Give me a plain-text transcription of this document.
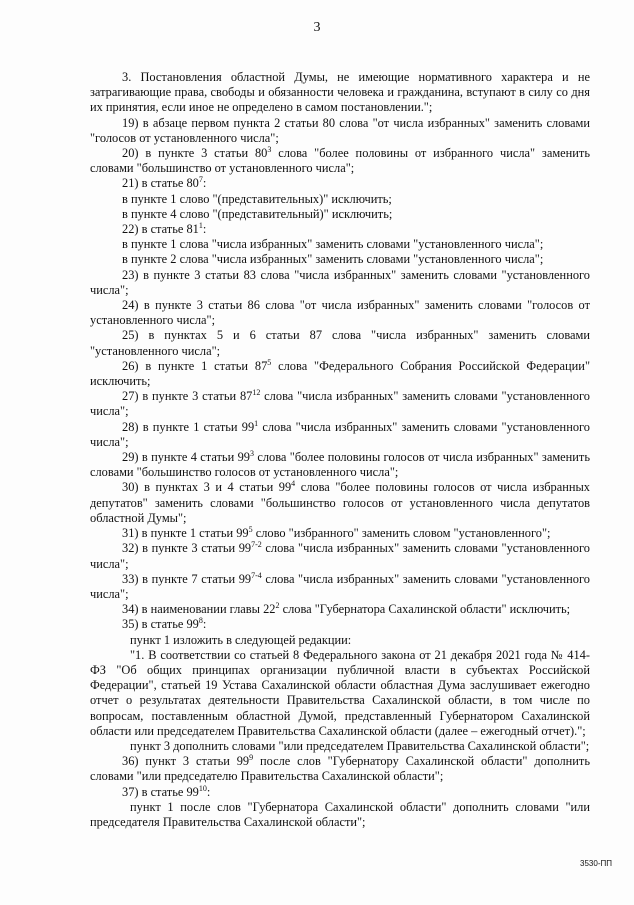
3

3. Постановления областной Думы, не имеющие нормативного характера и не затрагивающие права, свободы и обязанности человека и гражданина, вступают в силу со дня их принятия, если иное не определено в самом постановлении.";

19) в абзаце первом пункта 2 статьи 80 слова "от числа избранных" заменить словами "голосов от установленного числа";

20) в пункте 3 статьи $80^3$ слова "более половины от избранного числа" заменить словами "большинство от установленного числа";

21) в статье $80^7$:

в пункте 1 слово "(представительных)" исключить;

в пункте 4 слово "(представительный)" исключить;

22) в статье $81^1$:

в пункте 1 слова "числа избранных" заменить словами "установленного числа";

в пункте 2 слова "числа избранных" заменить словами "установленного числа";

23) в пункте 3 статьи 83 слова "числа избранных" заменить словами "установленного числа";

24) в пункте 3 статьи 86 слова "от числа избранных" заменить словами "голосов от установленного числа";

25) в пунктах 5 и 6 статьи 87 слова "числа избранных" заменить словами "установленного числа";

26) в пункте 1 статьи $87^5$ слова "Федерального Собрания Российской Федерации" исключить;

27) в пункте 3 статьи $87^{12}$ слова "числа избранных" заменить словами "установленного числа";

28) в пункте 1 статьи $99^1$ слова "числа избранных" заменить словами "установленного числа";

29) в пункте 4 статьи $99^3$ слова "более половины голосов от числа избранных" заменить словами "большинство голосов от установленного числа";

30) в пунктах 3 и 4 статьи $99^4$ слова "более половины голосов от числа избранных депутатов" заменить словами "большинство голосов от установленного числа депутатов областной Думы";

31) в пункте 1 статьи $99^5$ слово "избранного" заменить словом "установленного";

32) в пункте 3 статьи 99$^{7-2}$ слова "числа избранных" заменить словами "установленного числа";

33) в пункте 7 статьи 99$^{7-4}$ слова "числа избранных" заменить словами "установленного числа";

34) в наименовании главы $22^2$ слова "Губернатора Сахалинской области" исключить;

35) в статье $99^8$:

пункт 1 изложить в следующей редакции:

"1. В соответствии со статьей 8 Федерального закона от 21 декабря 2021 года № 414-ФЗ "Об общих принципах организации публичной власти в субъектах Российской Федерации", статьей 19 Устава Сахалинской области областная Дума заслушивает ежегодно отчет о результатах деятельности Правительства Сахалинской области, в том числе по вопросам, поставленным областной Думой, представленный Губернатором Сахалинской области или председателем Правительства Сахалинской области (далее – ежегодный отчет).";

пункт 3 дополнить словами "или председателем Правительства Сахалинской области";

36) пункт 3 статьи $99^9$ после слов "Губернатору Сахалинской области" дополнить словами "или председателю Правительства Сахалинской области";

37) в статье $99^{10}$:

пункт 1 после слов "Губернатора Сахалинской области" дополнить словами "или председателя Правительства Сахалинской области";

3530-ПП
